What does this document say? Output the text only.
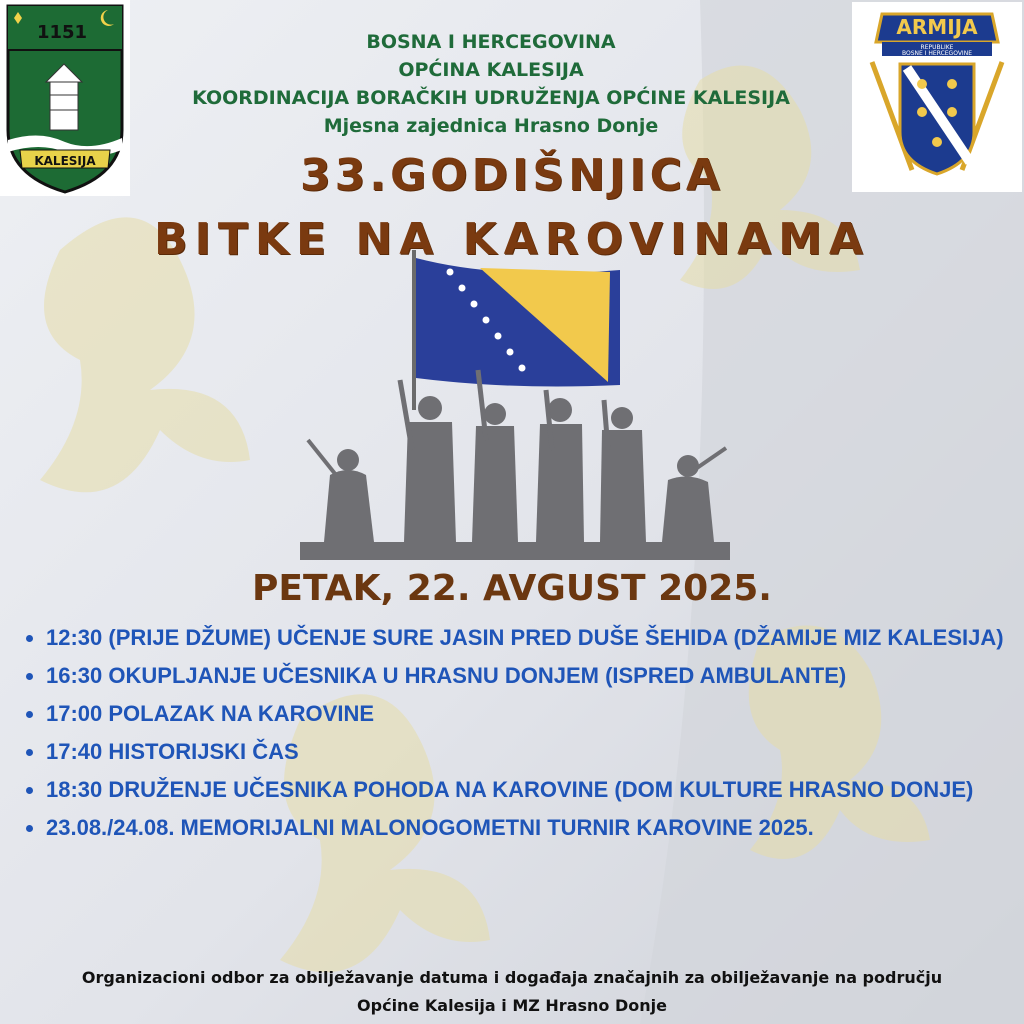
1151
KALESIJA
ARMIJA
REPUBLIKE
BOSNE I HERCEGOVINE
BOSNA I HERCEGOVINA
OPĆINA KALESIJA
KOORDINACIJA BORAČKIH UDRUŽENJA OPĆINE KALESIJA
Mjesna zajednica Hrasno Donje
33.GODIŠNJICA
BITKE NA KAROVINAMA
PETAK, 22. AVGUST 2025.
• 12:30 (PRIJE DŽUME) UČENJE SURE JASIN PRED DUŠE ŠEHIDA (DŽAMIJE MIZ KALESIJA)
• 16:30 OKUPLJANJE UČESNIKA U HRASNU DONJEM (ISPRED AMBULANTE)
• 17:00 POLAZAK NA KAROVINE
• 17:40 HISTORIJSKI ČAS
• 18:30 DRUŽENJE UČESNIKA POHODA NA KAROVINE (DOM KULTURE HRASNO DONJE)
• 23.08./24.08. MEMORIJALNI MALONOGOMETNI TURNIR KAROVINE 2025.
Organizacioni odbor za obilježavanje datuma i događaja značajnih za obilježavanje na području
Općine Kalesija i MZ Hrasno Donje
